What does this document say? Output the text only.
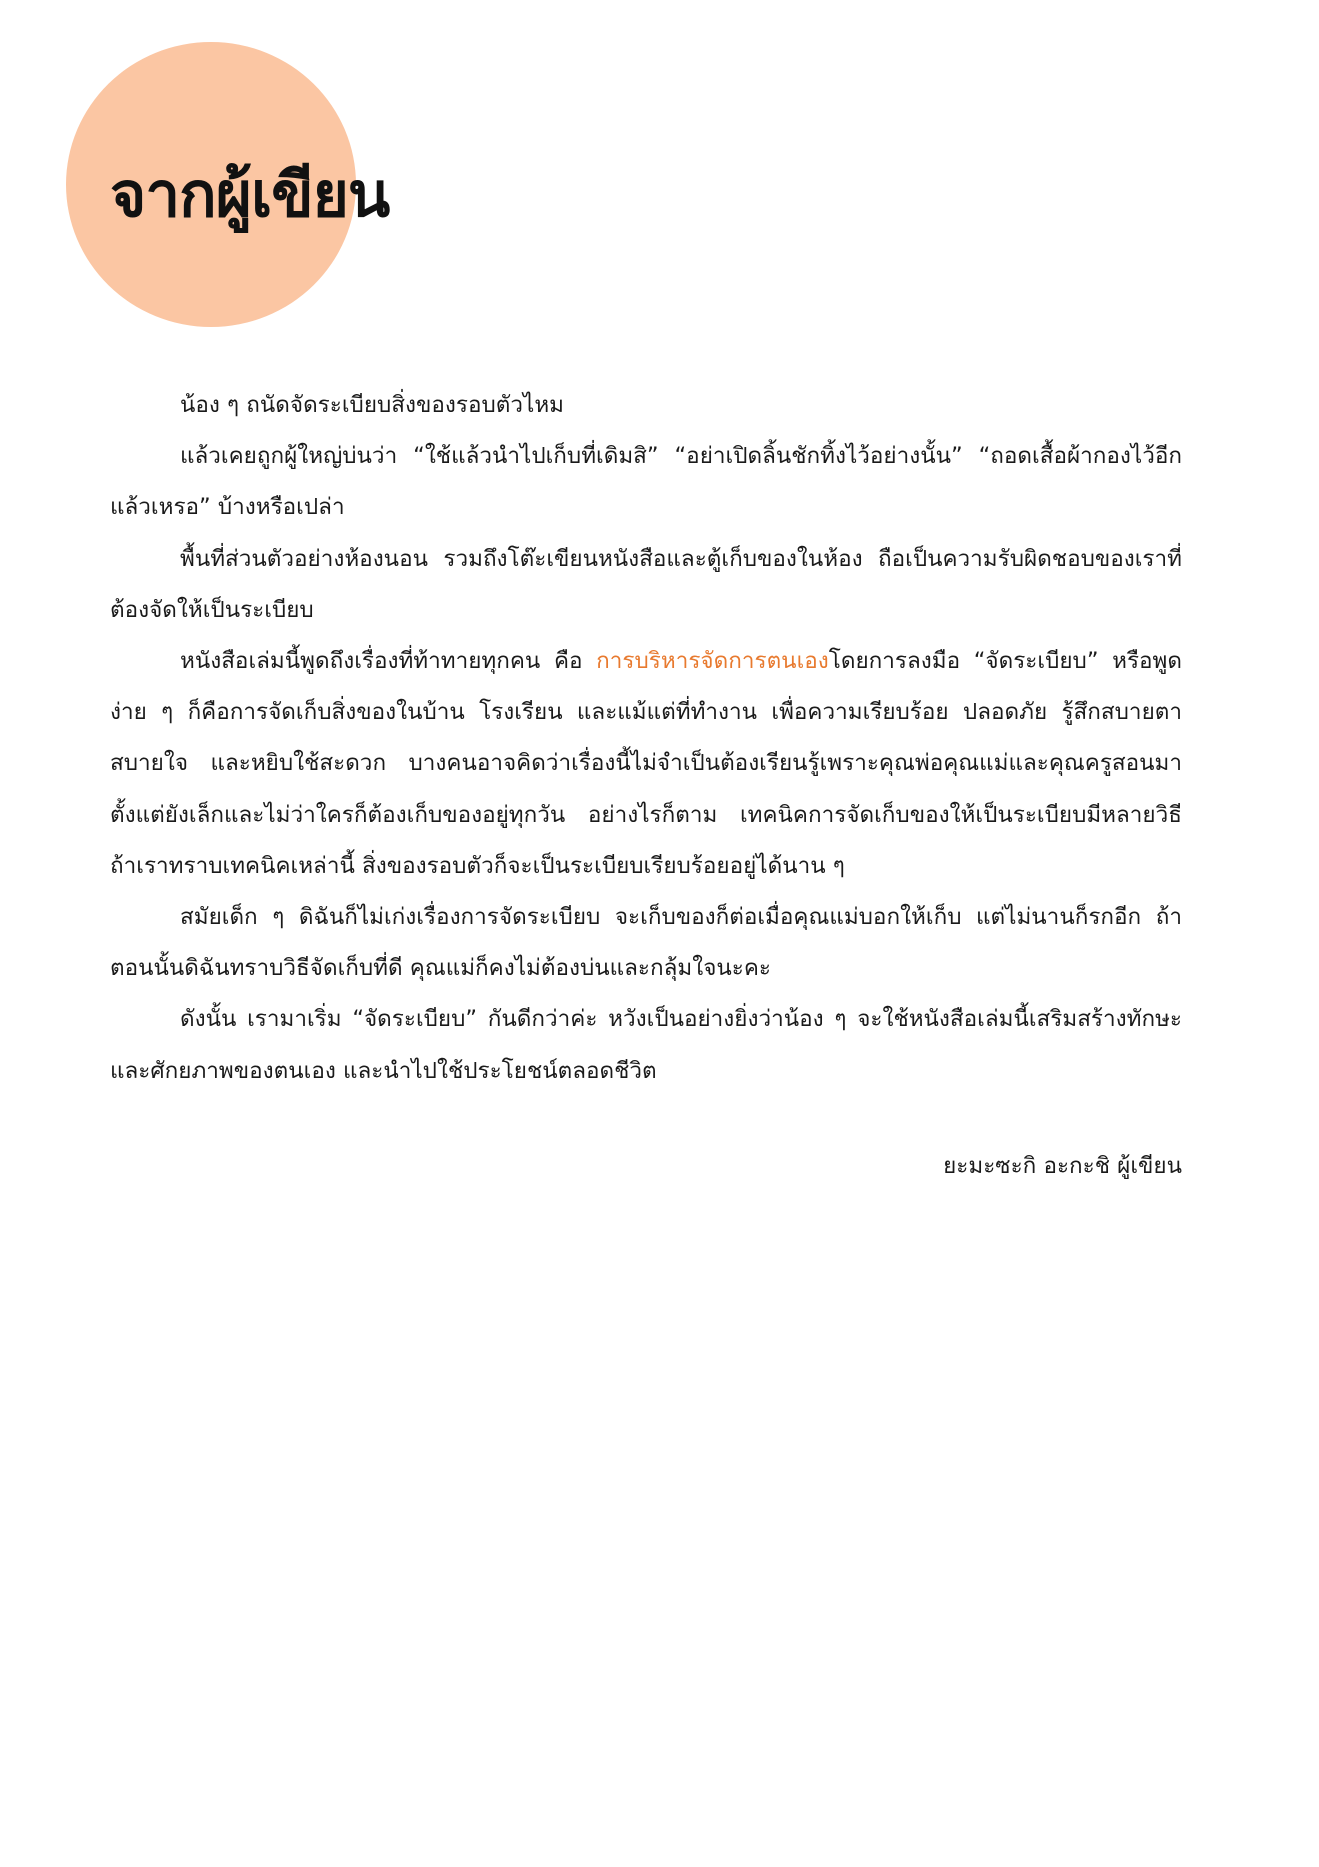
จากผู้เขียน

น้อง ๆ ถนัดจัดระเบียบสิ่งของรอบตัวไหม

แล้วเคยถูกผู้ใหญ่บ่นว่า “ใช้แล้วนำไปเก็บที่เดิมสิ” “อย่าเปิดลิ้นชักทิ้งไว้อย่างนั้น” “ถอดเสื้อผ้ากองไว้อีกแล้วเหรอ” บ้างหรือเปล่า

พื้นที่ส่วนตัวอย่างห้องนอน รวมถึงโต๊ะเขียนหนังสือและตู้เก็บของในห้อง ถือเป็นความรับผิดชอบของเราที่ต้องจัดให้เป็นระเบียบ

หนังสือเล่มนี้พูดถึงเรื่องที่ท้าทายทุกคน คือ การบริหารจัดการตนเองโดยการลงมือ “จัดระเบียบ” หรือพูดง่าย ๆ ก็คือการจัดเก็บสิ่งของในบ้าน โรงเรียน และแม้แต่ที่ทำงาน เพื่อความเรียบร้อย ปลอดภัย รู้สึกสบายตาสบายใจ และหยิบใช้สะดวก บางคนอาจคิดว่าเรื่องนี้ไม่จำเป็นต้องเรียนรู้เพราะคุณพ่อคุณแม่และคุณครูสอนมาตั้งแต่ยังเล็กและไม่ว่าใครก็ต้องเก็บของอยู่ทุกวัน อย่างไรก็ตาม เทคนิคการจัดเก็บของให้เป็นระเบียบมีหลายวิธี ถ้าเราทราบเทคนิคเหล่านี้ สิ่งของรอบตัวก็จะเป็นระเบียบเรียบร้อยอยู่ได้นาน ๆ

สมัยเด็ก ๆ ดิฉันก็ไม่เก่งเรื่องการจัดระเบียบ จะเก็บของก็ต่อเมื่อคุณแม่บอกให้เก็บ แต่ไม่นานก็รกอีก ถ้าตอนนั้นดิฉันทราบวิธีจัดเก็บที่ดี คุณแม่ก็คงไม่ต้องบ่นและกลุ้มใจนะคะ

ดังนั้น เรามาเริ่ม “จัดระเบียบ” กันดีกว่าค่ะ หวังเป็นอย่างยิ่งว่าน้อง ๆ จะใช้หนังสือเล่มนี้เสริมสร้างทักษะและศักยภาพของตนเอง และนำไปใช้ประโยชน์ตลอดชีวิต

ยะมะซะกิ อะกะชิ ผู้เขียน
